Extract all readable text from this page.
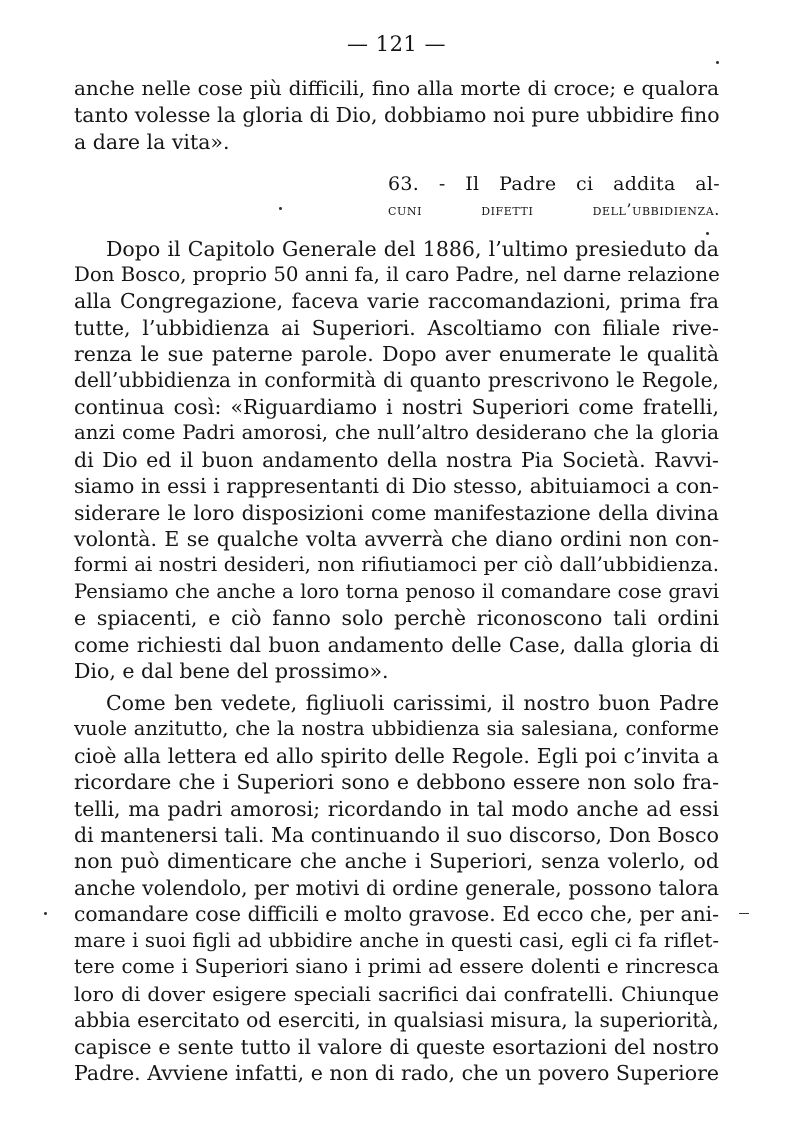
— 121 —
anche nelle cose più difficili, fino alla morte di croce; e qualora
tanto volesse la gloria di Dio, dobbiamo noi pure ubbidire fino
a dare la vita».
63. - Il Padre ci addita al-
cuni difetti dell’ubbidienza.
Dopo il Capitolo Generale del 1886, l’ultimo presieduto da
Don Bosco, proprio 50 anni fa, il caro Padre, nel darne relazione
alla Congregazione, faceva varie raccomandazioni, prima fra
tutte, l’ubbidienza ai Superiori. Ascoltiamo con filiale rive-
renza le sue paterne parole. Dopo aver enumerate le qualità
dell’ubbidienza in conformità di quanto prescrivono le Regole,
continua così: «Riguardiamo i nostri Superiori come fratelli,
anzi come Padri amorosi, che null’altro desiderano che la gloria
di Dio ed il buon andamento della nostra Pia Società. Ravvi-
siamo in essi i rappresentanti di Dio stesso, abituiamoci a con-
siderare le loro disposizioni come manifestazione della divina
volontà. E se qualche volta avverrà che diano ordini non con-
formi ai nostri desideri, non rifiutiamoci per ciò dall’ubbidienza.
Pensiamo che anche a loro torna penoso il comandare cose gravi
e spiacenti, e ciò fanno solo perchè riconoscono tali ordini
come richiesti dal buon andamento delle Case, dalla gloria di
Dio, e dal bene del prossimo».
Come ben vedete, figliuoli carissimi, il nostro buon Padre
vuole anzitutto, che la nostra ubbidienza sia salesiana, conforme
cioè alla lettera ed allo spirito delle Regole. Egli poi c’invita a
ricordare che i Superiori sono e debbono essere non solo fra-
telli, ma padri amorosi; ricordando in tal modo anche ad essi
di mantenersi tali. Ma continuando il suo discorso, Don Bosco
non può dimenticare che anche i Superiori, senza volerlo, od
anche volendolo, per motivi di ordine generale, possono talora
comandare cose difficili e molto gravose. Ed ecco che, per ani-
mare i suoi figli ad ubbidire anche in questi casi, egli ci fa riflet-
tere come i Superiori siano i primi ad essere dolenti e rincresca
loro di dover esigere speciali sacrifici dai confratelli. Chiunque
abbia esercitato od eserciti, in qualsiasi misura, la superiorità,
capisce e sente tutto il valore di queste esortazioni del nostro
Padre. Avviene infatti, e non di rado, che un povero Superiore
